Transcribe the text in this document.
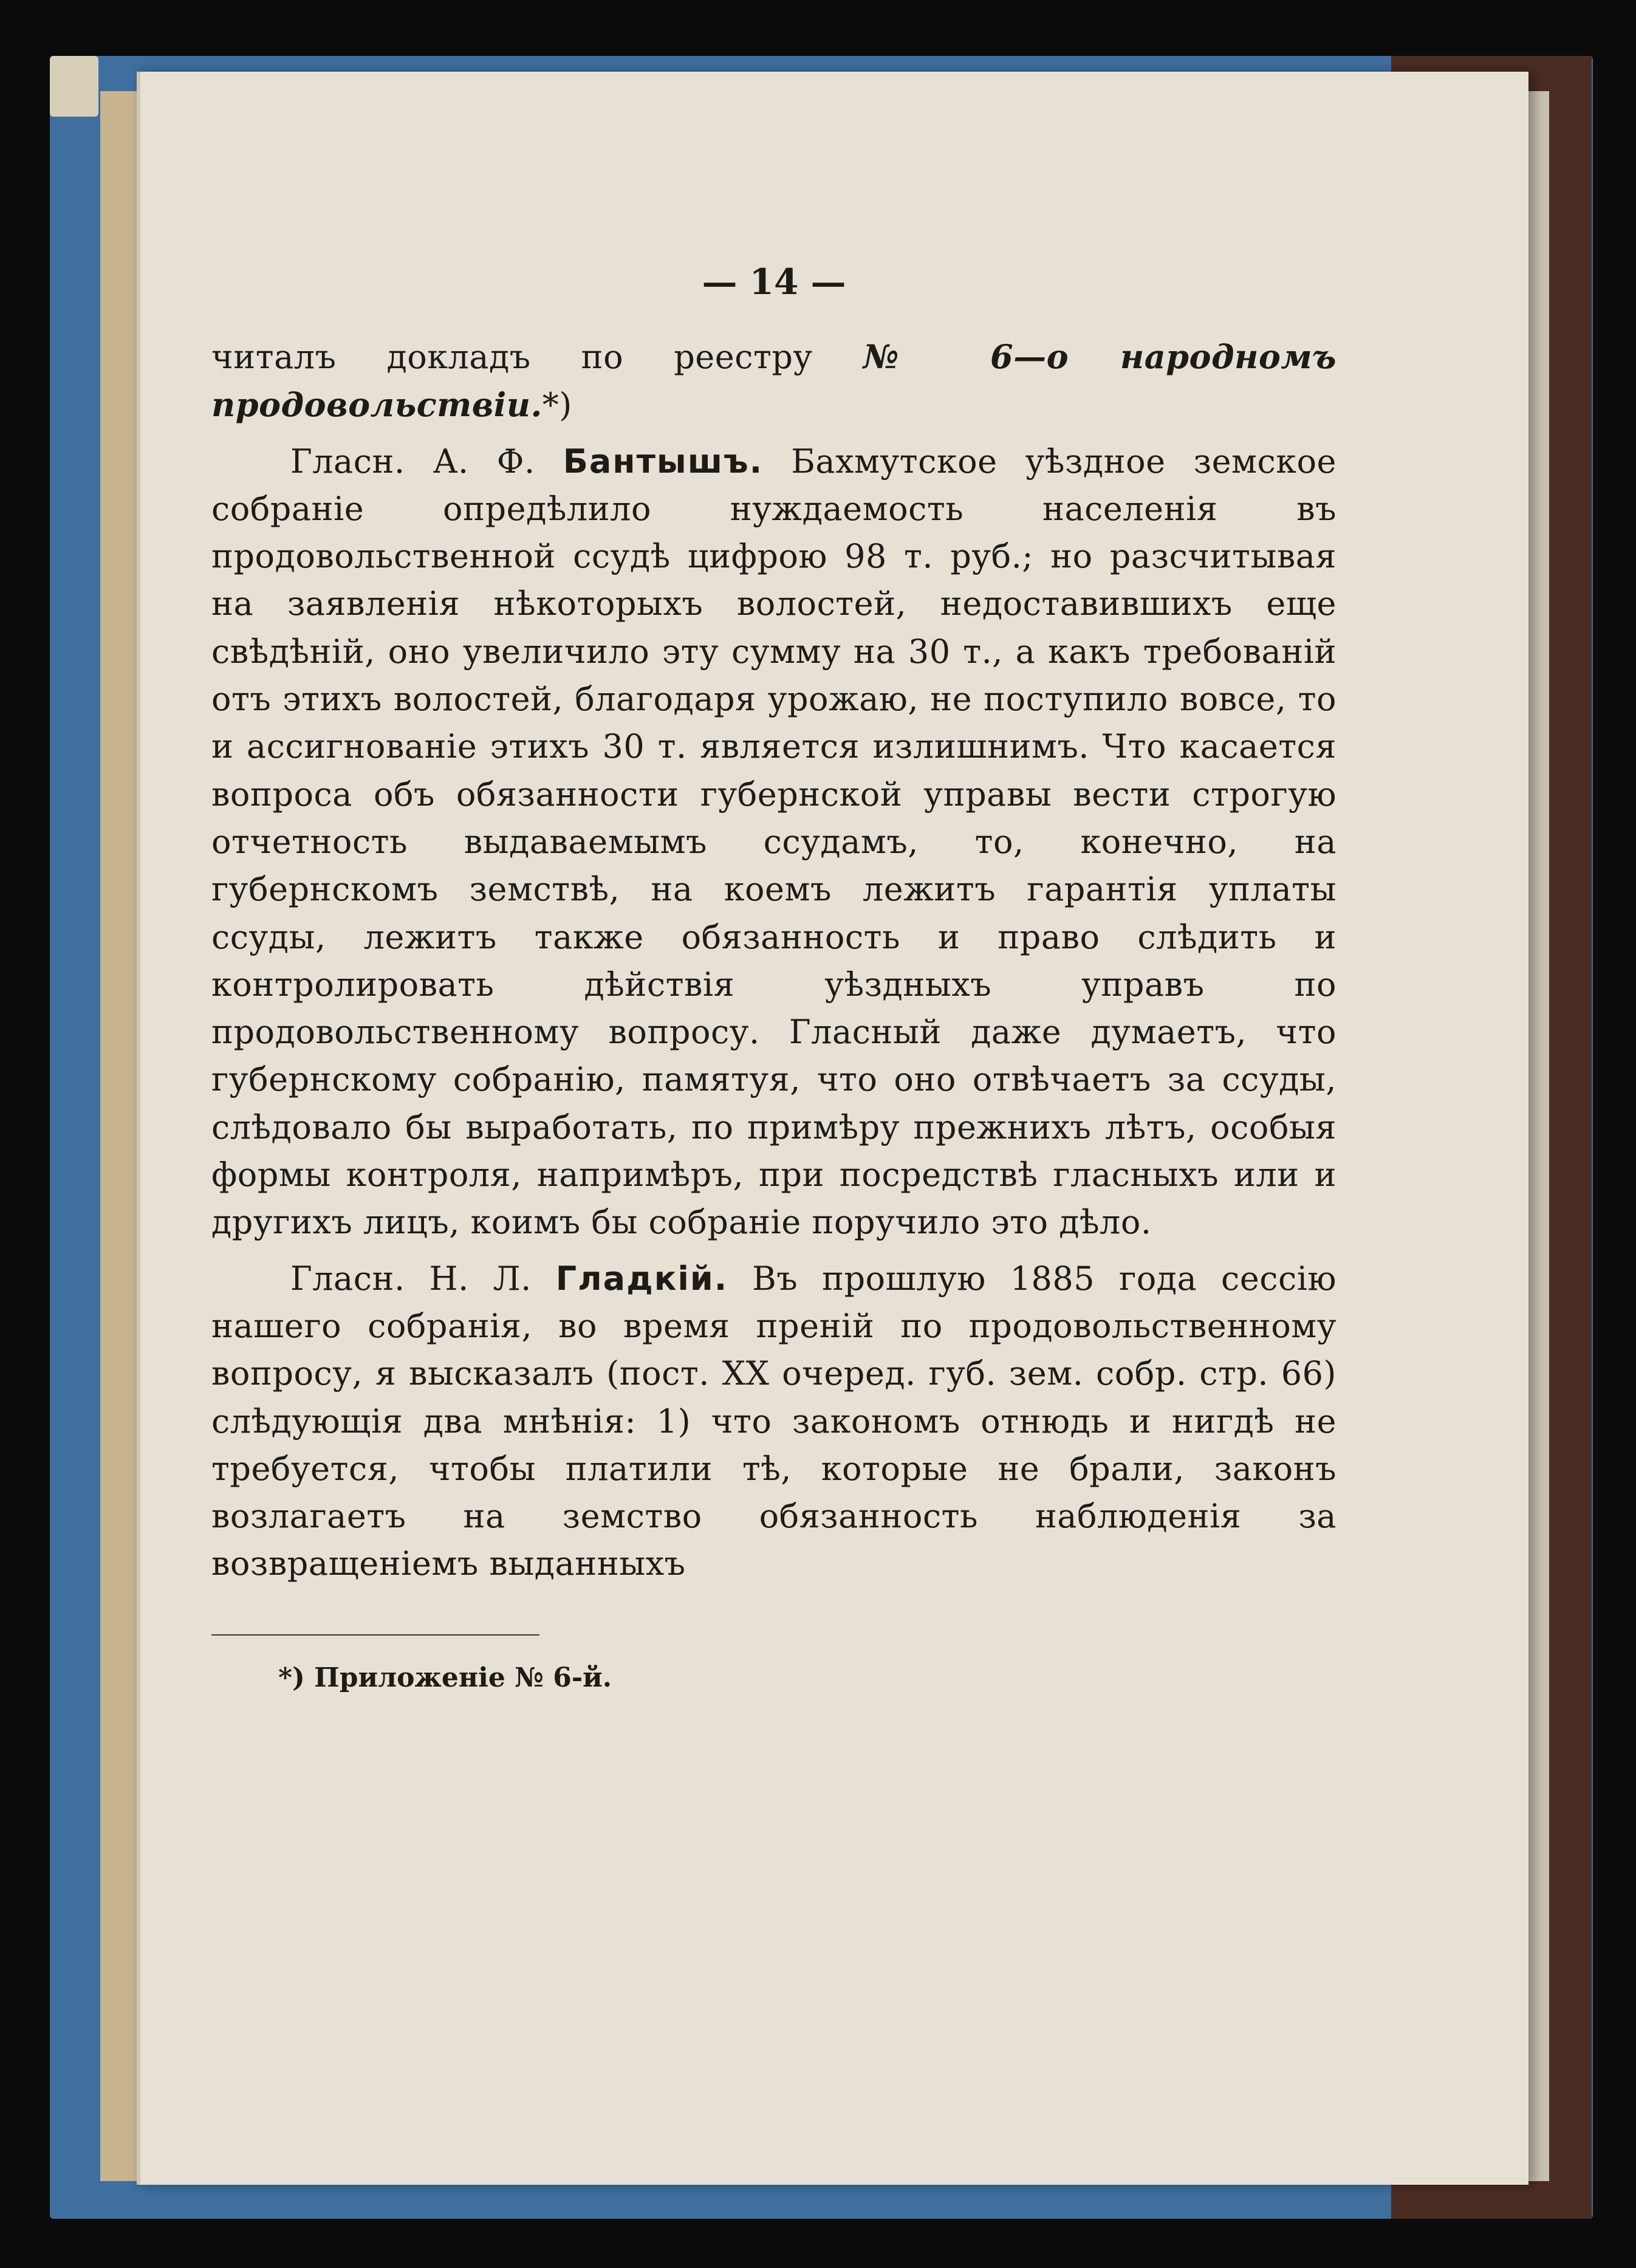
— 14 —

читалъ докладъ по реестру № 6—о народномъ продовольствіи.*)

Гласн. А. Ф. Бантышъ. Бахмутское уѣздное земское собраніе опредѣлило нуждаемость населенія въ продовольственной ссудѣ цифрою 98 т. руб.; но разсчитывая на заявленія нѣкоторыхъ волостей, недоставившихъ еще свѣдѣній, оно увеличило эту сумму на 30 т., а какъ требованій отъ этихъ волостей, благодаря урожаю, не поступило вовсе, то и ассигнованіе этихъ 30 т. является излишнимъ. Что касается вопроса объ обязанности губернской управы вести строгую отчетность выдаваемымъ ссудамъ, то, конечно, на губернскомъ земствѣ, на коемъ лежитъ гарантія уплаты ссуды, лежитъ также обязанность и право слѣдить и контролировать дѣйствія уѣздныхъ управъ по продовольственному вопросу. Гласный даже думаетъ, что губернскому собранію, памятуя, что оно отвѣчаетъ за ссуды, слѣдовало бы выработать, по примѣру прежнихъ лѣтъ, особыя формы контроля, напримѣръ, при посредствѣ гласныхъ или и другихъ лицъ, коимъ бы собраніе поручило это дѣло.

Гласн. Н. Л. Гладкій. Въ прошлую 1885 года сессію нашего собранія, во время преній по продовольственному вопросу, я высказалъ (пост. XX очеред. губ. зем. собр. стр. 66) слѣдующія два мнѣнія: 1) что закономъ отнюдь и нигдѣ не требуется, чтобы платили тѣ, которые не брали, законъ возлагаетъ на земство обязанность наблюденія за возвращеніемъ выданныхъ

*) Приложеніе № 6-й.
